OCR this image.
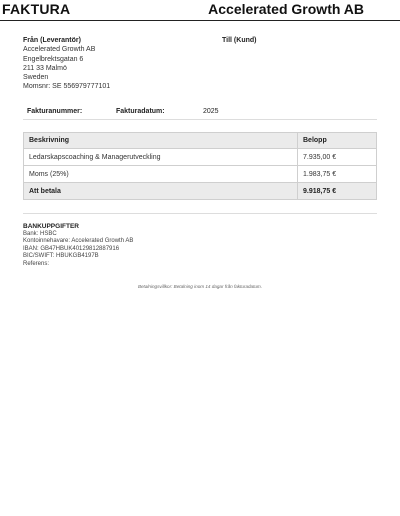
FAKTURA	Accelerated Growth AB
Från (Leverantör)
Accelerated Growth AB
Engelbrektsgatan 6
211 33 Malmö
Sweden
Momsnr: SE 556979777101
Till (Kund)
Fakturanummer:	Fakturadatum:	2025
Beskrivning	Belopp
Ledarskapscoaching & Managerutveckling	7.935,00 €
Moms (25%)	1.983,75 €
Att betala	9.918,75 €
BANKUPPGIFTER
Bank: HSBC
Kontoinnehavare: Accelerated Growth AB
IBAN: GB47HBUK40129812887916
BIC/SWIFT: HBUKGB4197B
Referens:
Betalningsvillkor: Betalning inom 14 dagar från fakturadatum.
